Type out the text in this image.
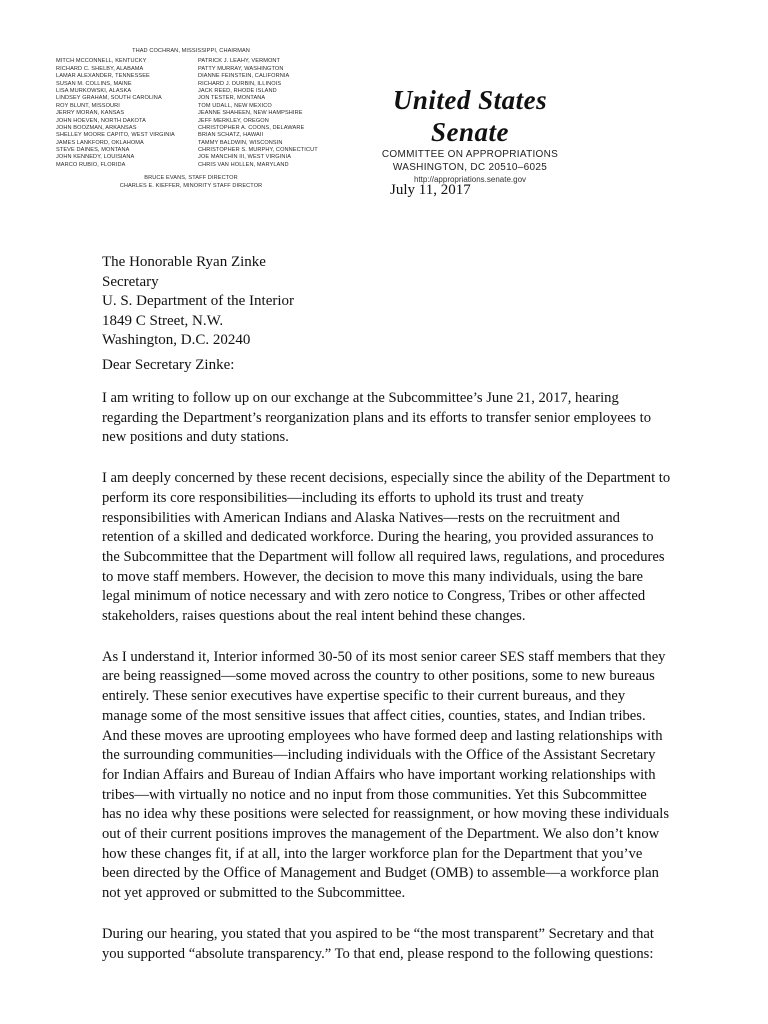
THAD COCHRAN, MISSISSIPPI, CHAIRMAN
MITCH MCCONNELL, KENTUCKY
RICHARD C. SHELBY, ALABAMA
LAMAR ALEXANDER, TENNESSEE
SUSAN M. COLLINS, MAINE
LISA MURKOWSKI, ALASKA
LINDSEY GRAHAM, SOUTH CAROLINA
ROY BLUNT, MISSOURI
JERRY MORAN, KANSAS
JOHN HOEVEN, NORTH DAKOTA
JOHN BOOZMAN, ARKANSAS
SHELLEY MOORE CAPITO, WEST VIRGINIA
JAMES LANKFORD, OKLAHOMA
STEVE DAINES, MONTANA
JOHN KENNEDY, LOUISIANA
MARCO RUBIO, FLORIDA
PATRICK J. LEAHY, VERMONT
PATTY MURRAY, WASHINGTON
DIANNE FEINSTEIN, CALIFORNIA
RICHARD J. DURBIN, ILLINOIS
JACK REED, RHODE ISLAND
JON TESTER, MONTANA
TOM UDALL, NEW MEXICO
JEANNE SHAHEEN, NEW HAMPSHIRE
JEFF MERKLEY, OREGON
CHRISTOPHER A. COONS, DELAWARE
BRIAN SCHATZ, HAWAII
TAMMY BALDWIN, WISCONSIN
CHRISTOPHER S. MURPHY, CONNECTICUT
JOE MANCHIN III, WEST VIRGINIA
CHRIS VAN HOLLEN, MARYLAND
BRUCE EVANS, STAFF DIRECTOR
CHARLES E. KIEFFER, MINORITY STAFF DIRECTOR
United States Senate
COMMITTEE ON APPROPRIATIONS
WASHINGTON, DC 20510–6025
http://appropriations.senate.gov
July 11, 2017
The Honorable Ryan Zinke
Secretary
U. S. Department of the Interior
1849 C Street, N.W.
Washington, D.C. 20240
Dear Secretary Zinke:

I am writing to follow up on our exchange at the Subcommittee’s June 21, 2017, hearing
regarding the Department’s reorganization plans and its efforts to transfer senior employees to
new positions and duty stations.

I am deeply concerned by these recent decisions, especially since the ability of the Department to
perform its core responsibilities—including its efforts to uphold its trust and treaty
responsibilities with American Indians and Alaska Natives—rests on the recruitment and
retention of a skilled and dedicated workforce. During the hearing, you provided assurances to
the Subcommittee that the Department will follow all required laws, regulations, and procedures
to move staff members. However, the decision to move this many individuals, using the bare
legal minimum of notice necessary and with zero notice to Congress, Tribes or other affected
stakeholders, raises questions about the real intent behind these changes.

As I understand it, Interior informed 30-50 of its most senior career SES staff members that they
are being reassigned—some moved across the country to other positions, some to new bureaus
entirely. These senior executives have expertise specific to their current bureaus, and they
manage some of the most sensitive issues that affect cities, counties, states, and Indian tribes.
And these moves are uprooting employees who have formed deep and lasting relationships with
the surrounding communities—including individuals with the Office of the Assistant Secretary
for Indian Affairs and Bureau of Indian Affairs who have important working relationships with
tribes—with virtually no notice and no input from those communities. Yet this Subcommittee
has no idea why these positions were selected for reassignment, or how moving these individuals
out of their current positions improves the management of the Department. We also don’t know
how these changes fit, if at all, into the larger workforce plan for the Department that you’ve
been directed by the Office of Management and Budget (OMB) to assemble—a workforce plan
not yet approved or submitted to the Subcommittee.

During our hearing, you stated that you aspired to be “the most transparent” Secretary and that
you supported “absolute transparency.” To that end, please respond to the following questions:
